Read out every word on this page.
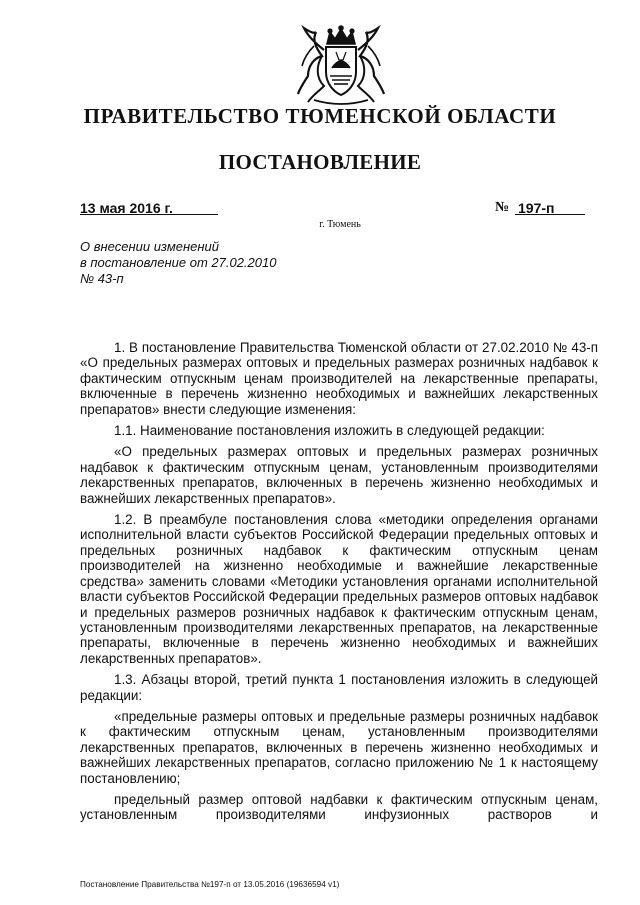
ПРАВИТЕЛЬСТВО ТЮМЕНСКОЙ ОБЛАСТИ
ПОСТАНОВЛЕНИЕ
13 мая 2016 г.	№ 197-п
г. Тюмень
О внесении изменений
в постановление от 27.02.2010
№ 43-п

1. В постановление Правительства Тюменской области от 27.02.2010 № 43-п «О предельных размерах оптовых и предельных размерах розничных надбавок к фактическим отпускным ценам производителей на лекарственные препараты, включенные в перечень жизненно необходимых и важнейших лекарственных препаратов» внести следующие изменения:

1.1. Наименование постановления изложить в следующей редакции:

«О предельных размерах оптовых и предельных размерах розничных надбавок к фактическим отпускным ценам, установленным производителями лекарственных препаратов, включенных в перечень жизненно необходимых и важнейших лекарственных препаратов».

1.2. В преамбуле постановления слова «методики определения органами исполнительной власти субъектов Российской Федерации предельных оптовых и предельных розничных надбавок к фактическим отпускным ценам производителей на жизненно необходимые и важнейшие лекарственные средства» заменить словами «Методики установления органами исполнительной власти субъектов Российской Федерации предельных размеров оптовых надбавок и предельных размеров розничных надбавок к фактическим отпускным ценам, установленным производителями лекарственных препаратов, на лекарственные препараты, включенные в перечень жизненно необходимых и важнейших лекарственных препаратов».

1.3. Абзацы второй, третий пункта 1 постановления изложить в следующей редакции:

«предельные размеры оптовых и предельные размеры розничных надбавок к фактическим отпускным ценам, установленным производителями лекарственных препаратов, включенных в перечень жизненно необходимых и важнейших лекарственных препаратов, согласно приложению № 1 к настоящему постановлению;

предельный размер оптовой надбавки к фактическим отпускным ценам, установленным производителями инфузионных растворов и

Постановление Правительства №197-п от 13.05.2016 (19636594 v1)
